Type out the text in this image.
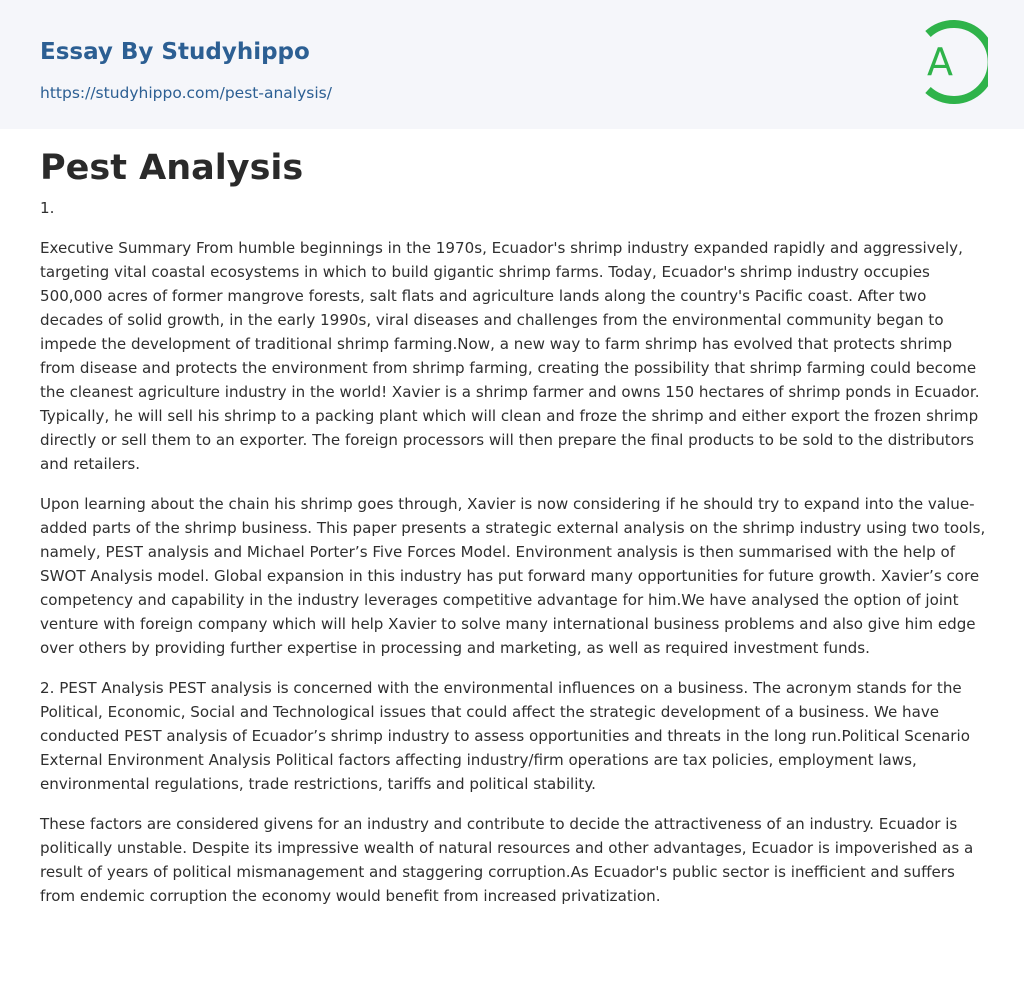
Essay By Studyhippo
https://studyhippo.com/pest-analysis/
A
Pest Analysis

1.

Executive Summary From humble beginnings in the 1970s, Ecuador's shrimp industry expanded rapidly and aggressively, targeting vital coastal ecosystems in which to build gigantic shrimp farms. Today, Ecuador's shrimp industry occupies 500,000 acres of former mangrove forests, salt flats and agriculture lands along the country's Pacific coast. After two decades of solid growth, in the early 1990s, viral diseases and challenges from the environmental community began to impede the development of traditional shrimp farming.Now, a new way to farm shrimp has evolved that protects shrimp from disease and protects the environment from shrimp farming, creating the possibility that shrimp farming could become the cleanest agriculture industry in the world! Xavier is a shrimp farmer and owns 150 hectares of shrimp ponds in Ecuador. Typically, he will sell his shrimp to a packing plant which will clean and froze the shrimp and either export the frozen shrimp directly or sell them to an exporter. The foreign processors will then prepare the final products to be sold to the distributors and retailers.

Upon learning about the chain his shrimp goes through, Xavier is now considering if he should try to expand into the value-added parts of the shrimp business. This paper presents a strategic external analysis on the shrimp industry using two tools, namely, PEST analysis and Michael Porter’s Five Forces Model. Environment analysis is then summarised with the help of SWOT Analysis model. Global expansion in this industry has put forward many opportunities for future growth. Xavier’s core competency and capability in the industry leverages competitive advantage for him.We have analysed the option of joint venture with foreign company which will help Xavier to solve many international business problems and also give him edge over others by providing further expertise in processing and marketing, as well as required investment funds.

2. PEST Analysis PEST analysis is concerned with the environmental influences on a business. The acronym stands for the Political, Economic, Social and Technological issues that could affect the strategic development of a business. We have conducted PEST analysis of Ecuador’s shrimp industry to assess opportunities and threats in the long run.Political Scenario External Environment Analysis Political factors affecting industry/firm operations are tax policies, employment laws, environmental regulations, trade restrictions, tariffs and political stability.

These factors are considered givens for an industry and contribute to decide the attractiveness of an industry. Ecuador is politically unstable. Despite its impressive wealth of natural resources and other advantages, Ecuador is impoverished as a result of years of political mismanagement and staggering corruption.As Ecuador's public sector is inefficient and suffers from endemic corruption the economy would benefit from increased privatization.
